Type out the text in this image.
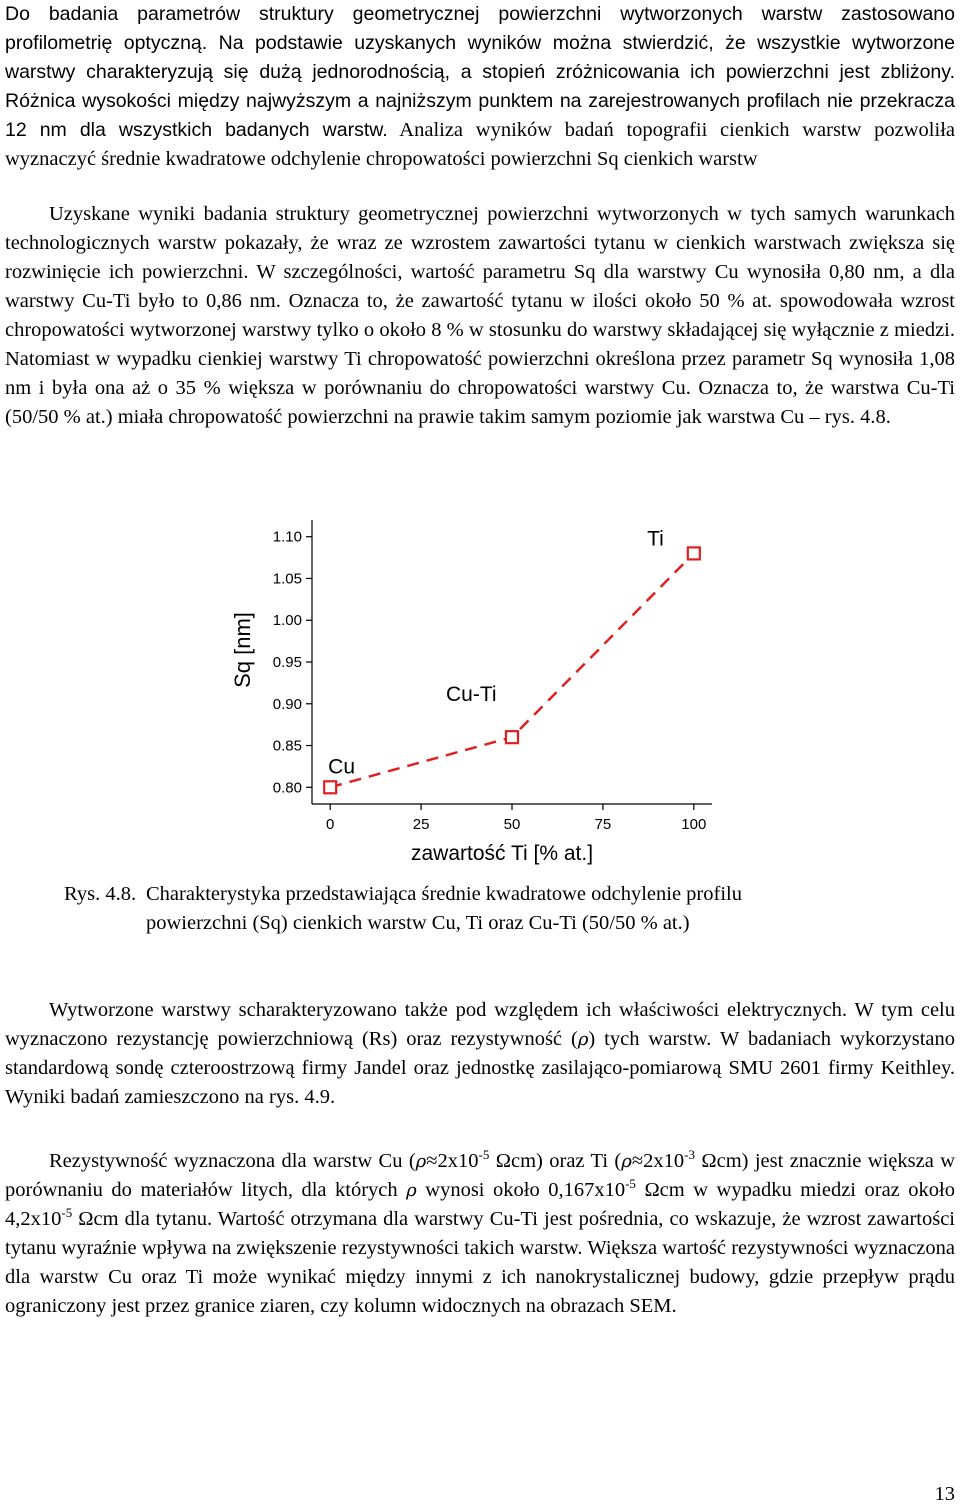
Do badania parametrów struktury geometrycznej powierzchni wytworzonych warstw zastosowano profilometrię optyczną. Na podstawie uzyskanych wyników można stwierdzić, że wszystkie wytworzone warstwy charakteryzują się dużą jednorodnością, a stopień zróżnicowania ich powierzchni jest zbliżony. Różnica wysokości między najwyższym a najniższym punktem na zarejestrowanych profilach nie przekracza 12 nm dla wszystkich badanych warstw. Analiza wyników badań topografii cienkich warstw pozwoliła wyznaczyć średnie kwadratowe odchylenie chropowatości powierzchni Sq cienkich warstw

Uzyskane wyniki badania struktury geometrycznej powierzchni wytworzonych w tych samych warunkach technologicznych warstw pokazały, że wraz ze wzrostem zawartości tytanu w cienkich warstwach zwiększa się rozwinięcie ich powierzchni. W szczególności, wartość parametru Sq dla warstwy Cu wynosiła 0,80 nm, a dla warstwy Cu-Ti było to 0,86 nm. Oznacza to, że zawartość tytanu w ilości około 50 % at. spowodowała wzrost chropowatości wytworzonej warstwy tylko o około 8 % w stosunku do warstwy składającej się wyłącznie z miedzi. Natomiast w wypadku cienkiej warstwy Ti chropowatość powierzchni określona przez parametr Sq wynosiła 1,08 nm i była ona aż o 35 % większa w porównaniu do chropowatości warstwy Cu. Oznacza to, że warstwa Cu-Ti (50/50 % at.) miała chropowatość powierzchni na prawie takim samym poziomie jak warstwa Cu – rys. 4.8.

0.80
0.85
0.90
0.95
1.00
1.05
1.10
0	25	50	75	100
Cu
Cu-Ti
Ti
Sq [nm]
zawartość Ti [% at.]
Rys. 4.8. Charakterystyka przedstawiająca średnie kwadratowe odchylenie profilu
powierzchni (Sq) cienkich warstw Cu, Ti oraz Cu-Ti (50/50 % at.)

Wytworzone warstwy scharakteryzowano także pod względem ich właściwości elektrycznych. W tym celu wyznaczono rezystancję powierzchniową (Rs) oraz rezystywność (ρ) tych warstw. W badaniach wykorzystano standardową sondę czteroostrzową firmy Jandel oraz jednostkę zasilająco-pomiarową SMU 2601 firmy Keithley. Wyniki badań zamieszczono na rys. 4.9.

Rezystywność wyznaczona dla warstw Cu ($\rho\approx 2x10^{-5}$ Ωcm) oraz Ti ($\rho\approx 2x10^{-3}$ Ωcm) jest znacznie większa w porównaniu do materiałów litych, dla których ρ wynosi około $0,167x10^{-5}$ Ωcm w wypadku miedzi oraz około $4,2x10^{-5}$ Ωcm dla tytanu. Wartość otrzymana dla warstwy Cu-Ti jest pośrednia, co wskazuje, że wzrost zawartości tytanu wyraźnie wpływa na zwiększenie rezystywności takich warstw. Większa wartość rezystywności wyznaczona dla warstw Cu oraz Ti może wynikać między innymi z ich nanokrystalicznej budowy, gdzie przepływ prądu ograniczony jest przez granice ziaren, czy kolumn widocznych na obrazach SEM.

13
